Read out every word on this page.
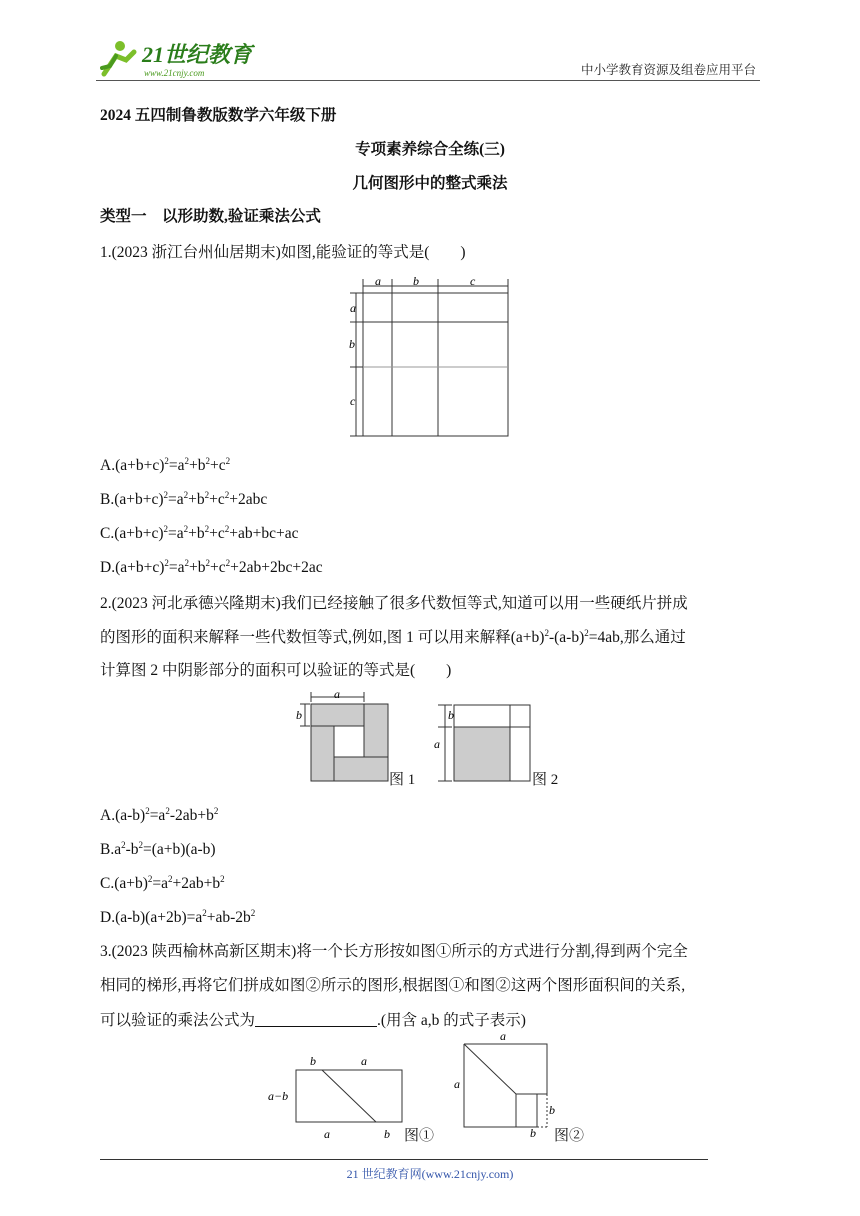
21世纪教育
www.21cnjy.com	中小学教育资源及组卷应用平台
2024 五四制鲁教版数学六年级下册
专项素养综合全练(三)
几何图形中的整式乘法
类型一　以形助数,验证乘法公式
1.(2023 浙江台州仙居期末)如图,能验证的等式是(　　)
a	b	c
a
b
c
$A.(a+b+c)^2=a^2+b^2+c^2$
$B.(a+b+c)^2=a^2+b^2+c^2+2abc$
$C.(a+b+c)^2=a^2+b^2+c^2+ab+bc+ac$
$D.(a+b+c)^2=a^2+b^2+c^2+2ab+2bc+2ac$
2.(2023 河北承德兴隆期末)我们已经接触了很多代数恒等式,知道可以用一些硬纸片拼成
的图形的面积来解释一些代数恒等式,例如,图 1 可以用来解释$(a+b)^2-(a-b)^2=4ab$,那么通过
计算图 2 中阴影部分的面积可以验证的等式是(　　)
a
b
图 1
b
a
图 2
$A.(a-b)^2=a^2-2ab+b^2$
$B.a^2-b^2=(a+b)(a-b)$
$C.(a+b)^2=a^2+2ab+b^2$
$D.(a-b)(a+2b)=a^2+ab-2b^2$
3.(2023 陕西榆林高新区期末)将一个长方形按如图①所示的方式进行分割,得到两个完全
相同的梯形,再将它们拼成如图②所示的图形,根据图①和图②这两个图形面积间的关系,
可以验证的乘法公式为	.(用含 a,b 的式子表示)
b	a
a−b
a	b 图①
a
a
b
b 图②
21 世纪教育网(www.21cnjy.com)
